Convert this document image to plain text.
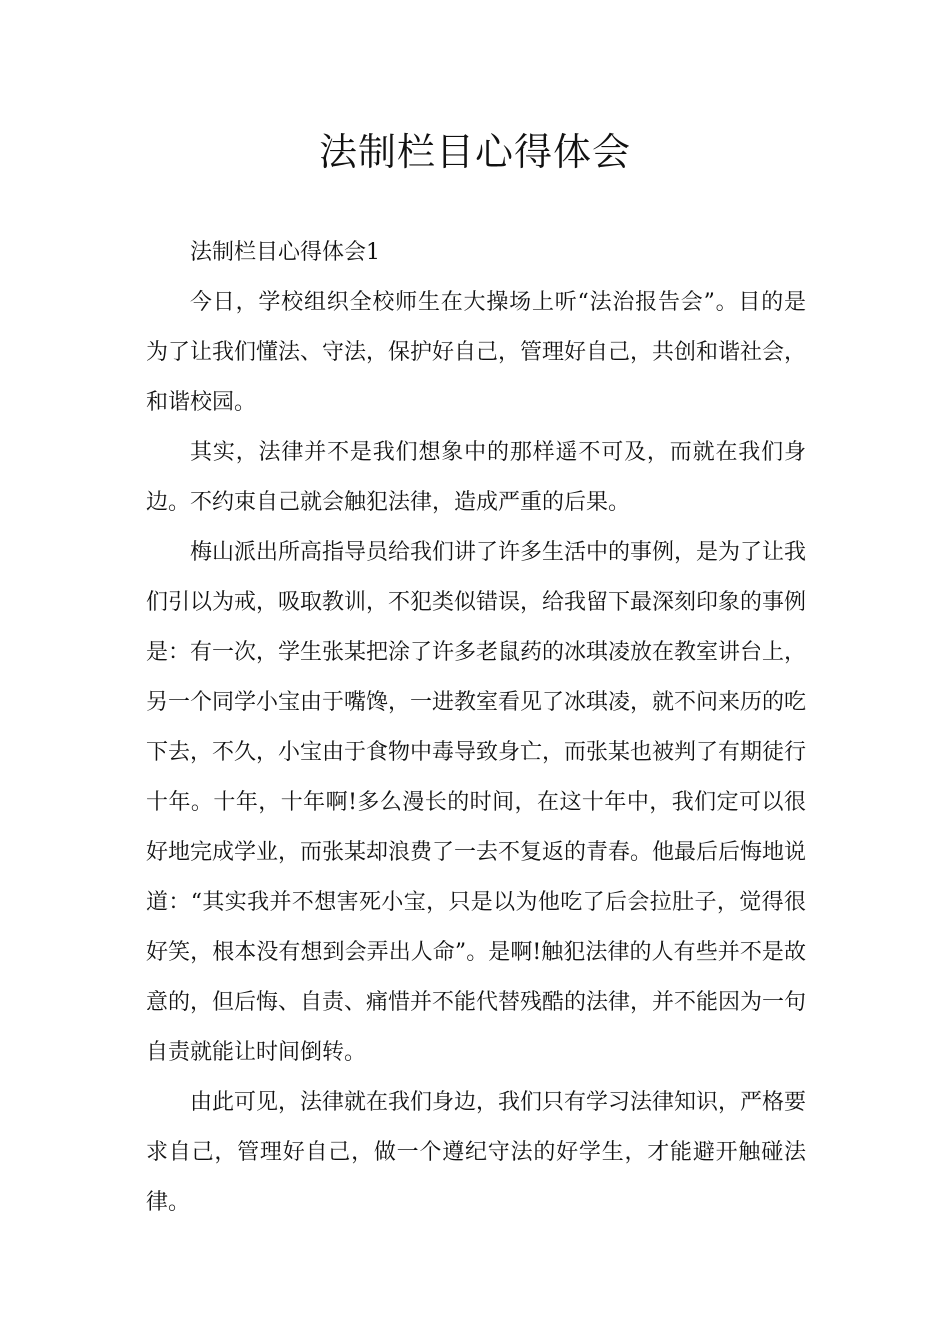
法制栏目心得体会

法制栏目心得体会1

今日，学校组织全校师生在大操场上听“法治报告会”。目的是为了让我们懂法、守法，保护好自己，管理好自己，共创和谐社会，和谐校园。

其实，法律并不是我们想象中的那样遥不可及，而就在我们身边。不约束自己就会触犯法律，造成严重的后果。

梅山派出所高指导员给我们讲了许多生活中的事例，是为了让我们引以为戒，吸取教训，不犯类似错误，给我留下最深刻印象的事例是：有一次，学生张某把涂了许多老鼠药的冰琪凌放在教室讲台上，另一个同学小宝由于嘴馋，一进教室看见了冰琪凌，就不问来历的吃下去，不久，小宝由于食物中毒导致身亡，而张某也被判了有期徒行十年。十年，十年啊!多么漫长的时间，在这十年中，我们定可以很好地完成学业，而张某却浪费了一去不复返的青春。他最后后悔地说道：“其实我并不想害死小宝，只是以为他吃了后会拉肚子，觉得很好笑，根本没有想到会弄出人命”。是啊!触犯法律的人有些并不是故意的，但后悔、自责、痛惜并不能代替残酷的法律，并不能因为一句自责就能让时间倒转。

由此可见，法律就在我们身边，我们只有学习法律知识，严格要求自己，管理好自己，做一个遵纪守法的好学生，才能避开触碰法律。
